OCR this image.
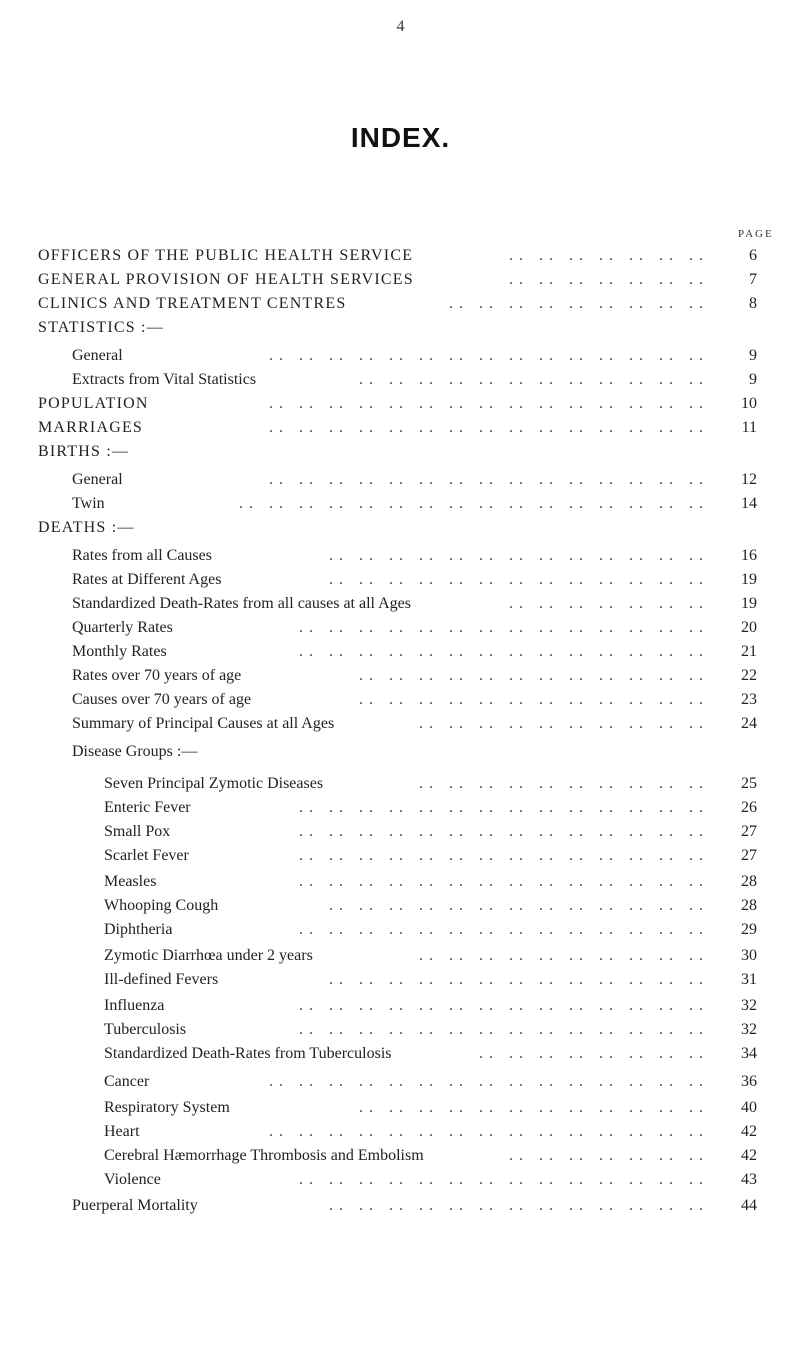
4
INDEX.
PAGE
OFFICERS OF THE PUBLIC HEALTH SERVICE	.. .. .. .. .. .. ..	6
GENERAL PROVISION OF HEALTH SERVICES	.. .. .. .. .. .. ..	7
CLINICS AND TREATMENT CENTRES	.. .. .. .. .. .. .. .. ..	8
STATISTICS :—
General	.. .. .. .. .. .. .. .. .. .. .. .. .. .. ..	9
Extracts from Vital Statistics	.. .. .. .. .. .. .. .. .. .. .. ..	9
POPULATION	.. .. .. .. .. .. .. .. .. .. .. .. .. .. ..	10
MARRIAGES	.. .. .. .. .. .. .. .. .. .. .. .. .. .. ..	11
BIRTHS :—
General	.. .. .. .. .. .. .. .. .. .. .. .. .. .. ..	12
Twin	.. .. .. .. .. .. .. .. .. .. .. .. .. .. .. ..	14
DEATHS :—
Rates from all Causes	.. .. .. .. .. .. .. .. .. .. .. .. ..	16
Rates at Different Ages	.. .. .. .. .. .. .. .. .. .. .. .. ..	19
Standardized Death-Rates from all causes at all Ages	.. .. .. .. .. .. ..	19
Quarterly Rates	.. .. .. .. .. .. .. .. .. .. .. .. .. ..	20
Monthly Rates	.. .. .. .. .. .. .. .. .. .. .. .. .. ..	21
Rates over 70 years of age	.. .. .. .. .. .. .. .. .. .. .. ..	22
Causes over 70 years of age	.. .. .. .. .. .. .. .. .. .. .. ..	23
Summary of Principal Causes at all Ages	.. .. .. .. .. .. .. .. .. ..	24
Disease Groups :—
Seven Principal Zymotic Diseases	.. .. .. .. .. .. .. .. .. ..	25
Enteric Fever	.. .. .. .. .. .. .. .. .. .. .. .. .. ..	26
Small Pox	.. .. .. .. .. .. .. .. .. .. .. .. .. ..	27
Scarlet Fever	.. .. .. .. .. .. .. .. .. .. .. .. .. ..	27
Measles	.. .. .. .. .. .. .. .. .. .. .. .. .. ..	28
Whooping Cough	.. .. .. .. .. .. .. .. .. .. .. .. ..	28
Diphtheria	.. .. .. .. .. .. .. .. .. .. .. .. .. ..	29
Zymotic Diarrhœa under 2 years	.. .. .. .. .. .. .. .. .. ..	30
Ill-defined Fevers	.. .. .. .. .. .. .. .. .. .. .. .. ..	31
Influenza	.. .. .. .. .. .. .. .. .. .. .. .. .. ..	32
Tuberculosis	.. .. .. .. .. .. .. .. .. .. .. .. .. ..	32
Standardized Death-Rates from Tuberculosis	.. .. .. .. .. .. .. ..	34
Cancer	.. .. .. .. .. .. .. .. .. .. .. .. .. .. ..	36
Respiratory System	.. .. .. .. .. .. .. .. .. .. .. ..	40
Heart	.. .. .. .. .. .. .. .. .. .. .. .. .. .. ..	42
Cerebral Hæmorrhage Thrombosis and Embolism	.. .. .. .. .. .. ..	42
Violence	.. .. .. .. .. .. .. .. .. .. .. .. .. ..	43
Puerperal Mortality	.. .. .. .. .. .. .. .. .. .. .. .. ..	44
